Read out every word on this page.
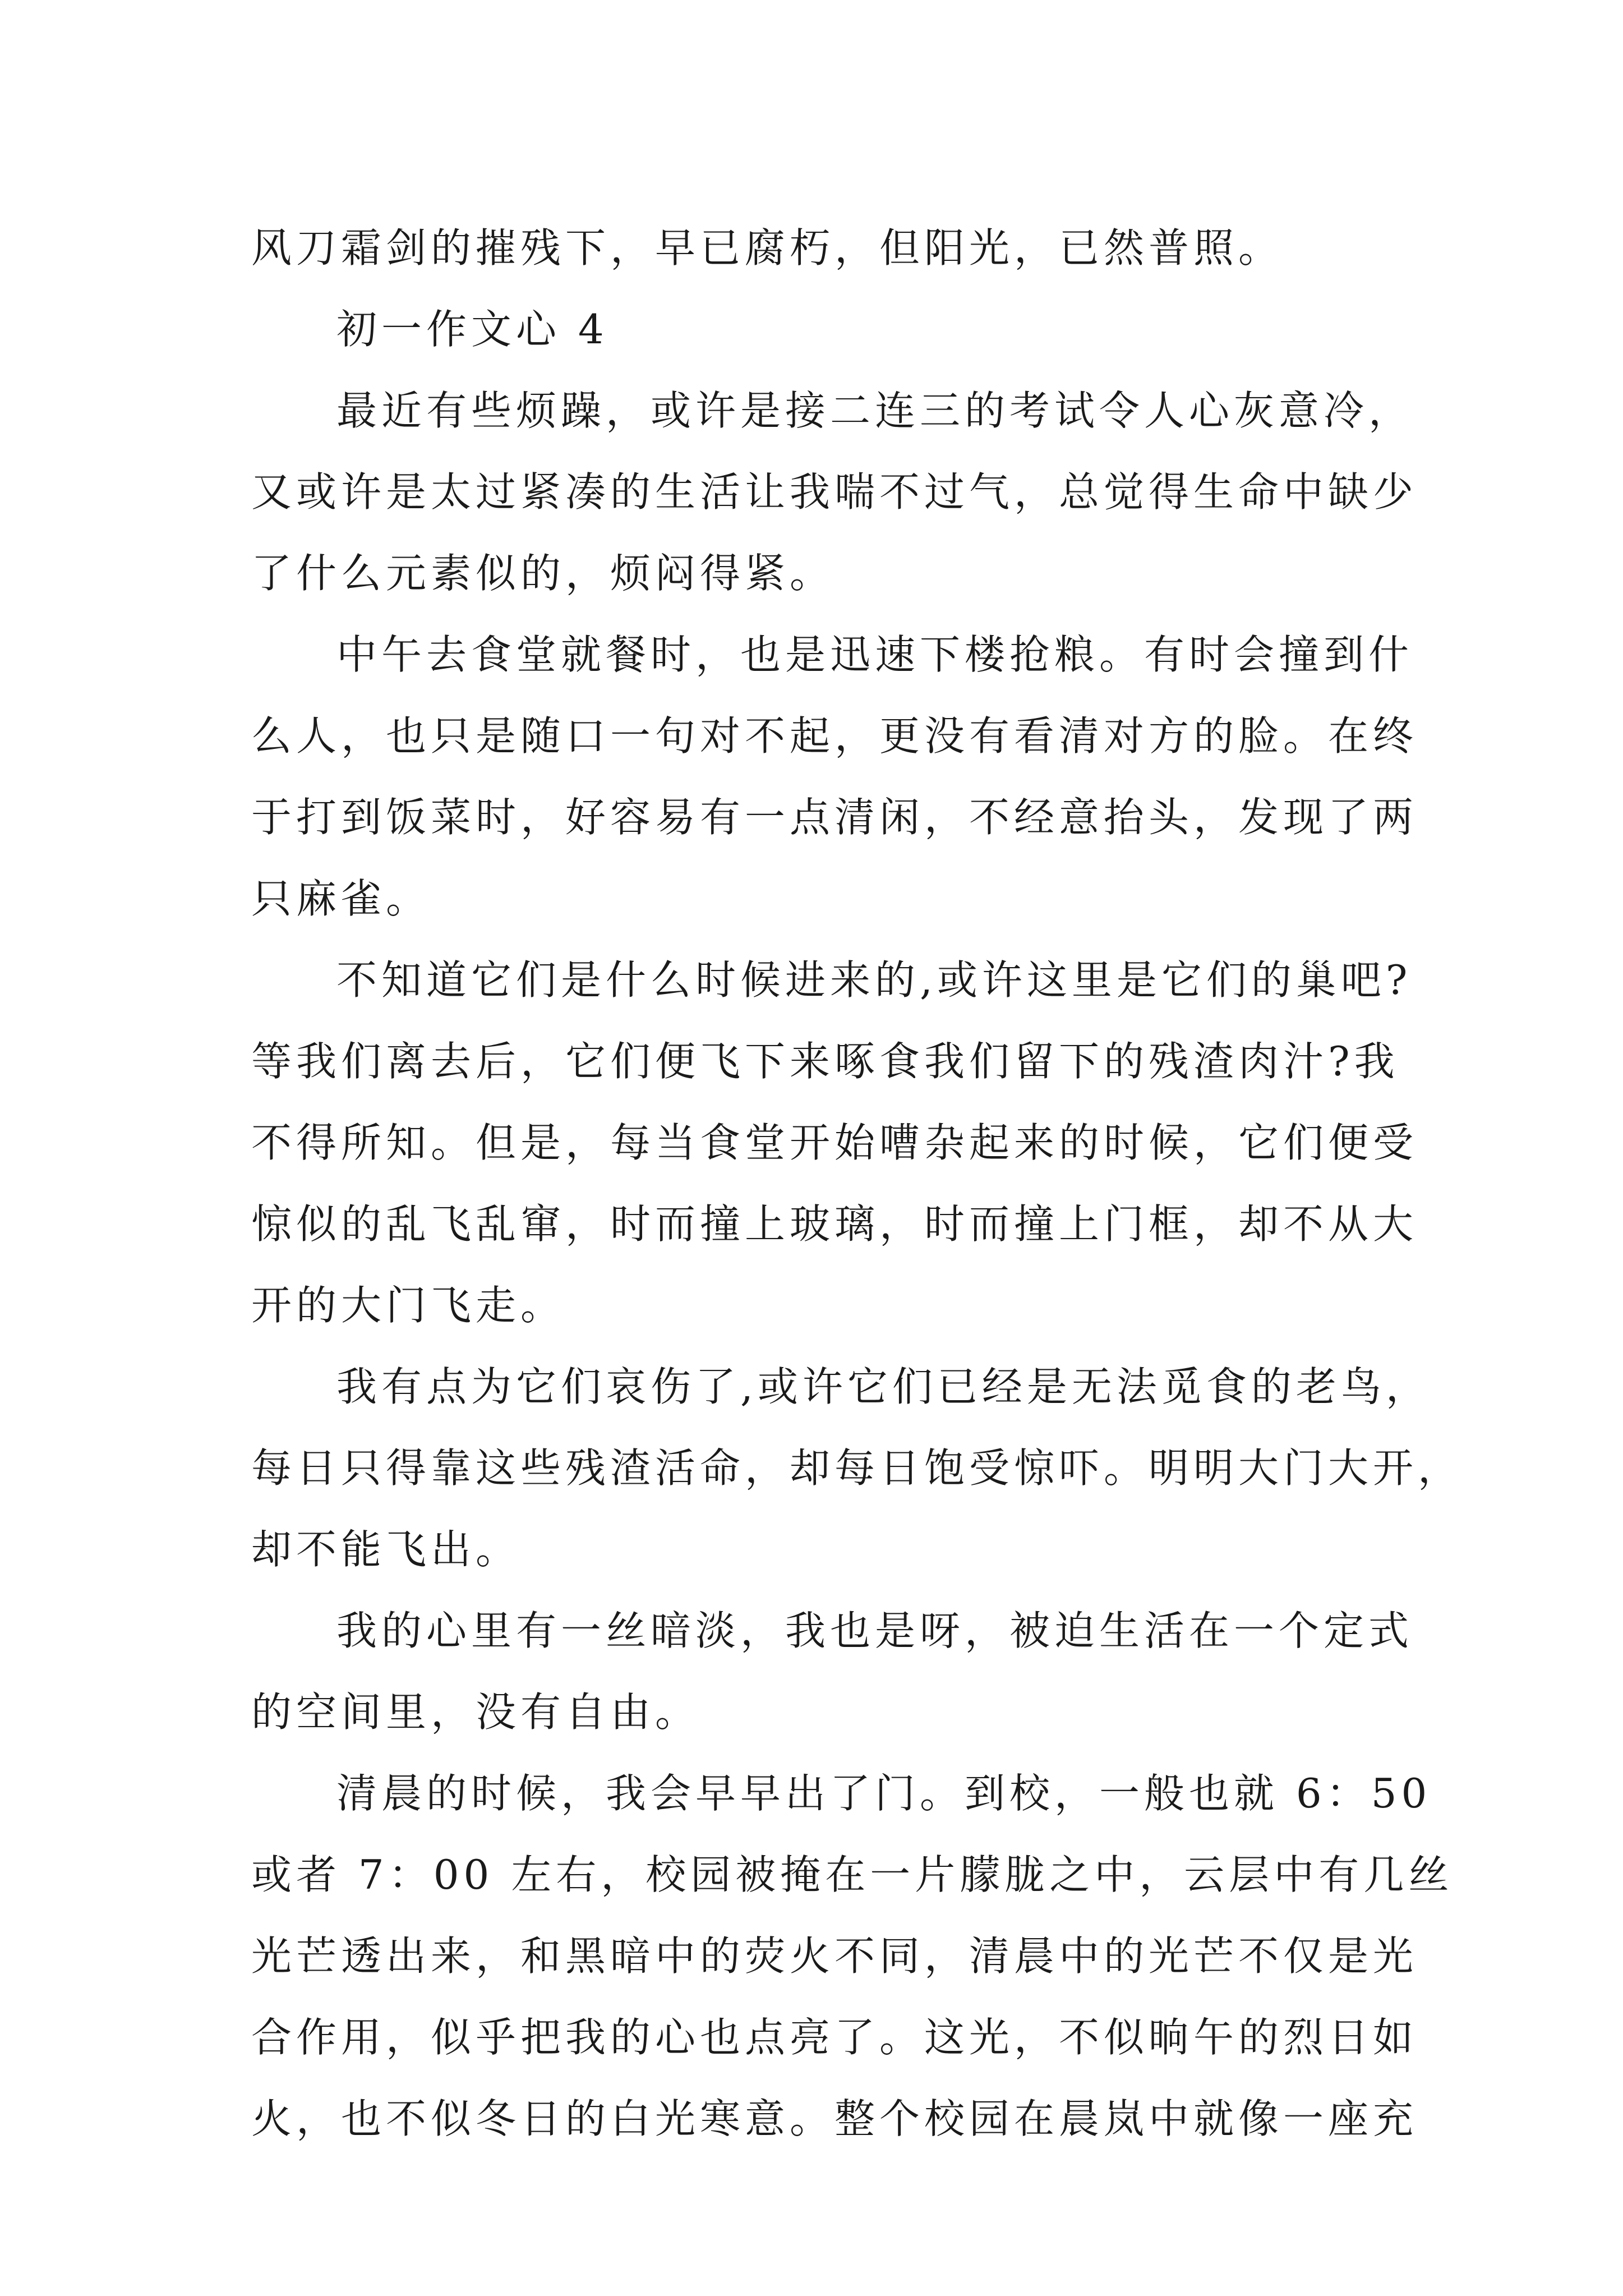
风刀霜剑的摧残下，早已腐朽，但阳光，已然普照。
初一作文心 4
最近有些烦躁，或许是接二连三的考试令人心灰意冷，
又或许是太过紧凑的生活让我喘不过气，总觉得生命中缺少
了什么元素似的，烦闷得紧。
中午去食堂就餐时，也是迅速下楼抢粮。有时会撞到什
么人，也只是随口一句对不起，更没有看清对方的脸。在终
于打到饭菜时，好容易有一点清闲，不经意抬头，发现了两
只麻雀。
不知道它们是什么时候进来的,或许这里是它们的巢吧?
等我们离去后，它们便飞下来啄食我们留下的残渣肉汁?我
不得所知。但是，每当食堂开始嘈杂起来的时候，它们便受
惊似的乱飞乱窜，时而撞上玻璃，时而撞上门框，却不从大
开的大门飞走。
我有点为它们哀伤了,或许它们已经是无法觅食的老鸟，
每日只得靠这些残渣活命，却每日饱受惊吓。明明大门大开，
却不能飞出。
我的心里有一丝暗淡，我也是呀，被迫生活在一个定式
的空间里，没有自由。
清晨的时候，我会早早出了门。到校，一般也就 6：50
或者 7：00 左右，校园被掩在一片朦胧之中，云层中有几丝
光芒透出来，和黑暗中的荧火不同，清晨中的光芒不仅是光
合作用，似乎把我的心也点亮了。这光，不似晌午的烈日如
火，也不似冬日的白光寒意。整个校园在晨岚中就像一座充
